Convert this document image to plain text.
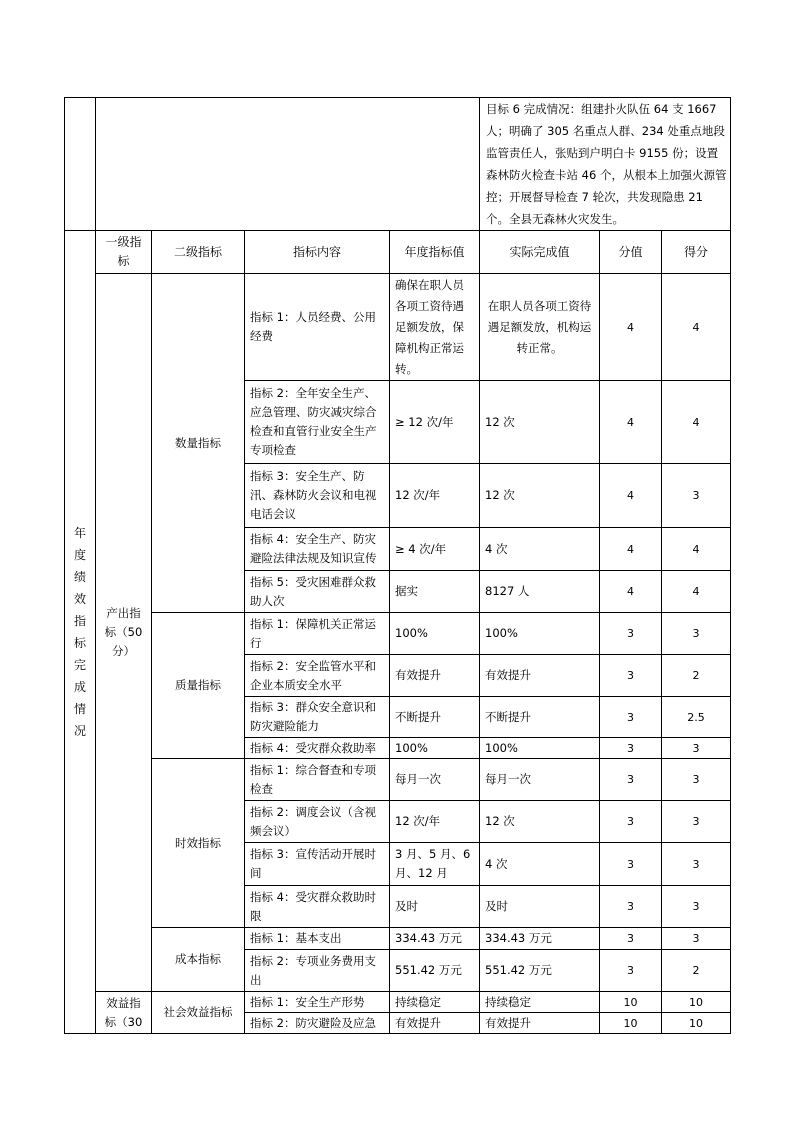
					目标 6 完成情况：组建扑火队伍 64 支 1667 人；明确了 305 名重点人群、234 处重点地段监管责任人，张贴到户明白卡 9155 份；设置森林防火检查卡站 46 个，从根本上加强火源管控；开展督导检查 7 轮次，共发现隐患 21 个。全县无森林火灾发生。		
年度绩效指标完成情况	一级指标	二级指标	指标内容	年度指标值	实际完成值	分值	得分
	产出指标（50分）	数量指标	指标 1：人员经费、公用经费	确保在职人员各项工资待遇足额发放，保障机构正常运转。	在职人员各项工资待遇足额发放，机构运转正常。	4	4
			指标 2：全年安全生产、应急管理、防灾减灾综合检查和直管行业安全生产专项检查	≥ 12 次/年	12 次	4	4
			指标 3：安全生产、防汛、森林防火会议和电视电话会议	12 次/年	12 次	4	3
			指标 4：安全生产、防灾避险法律法规及知识宣传	≥ 4 次/年	4 次	4	4
			指标 5：受灾困难群众救助人次	据实	8127 人	4	4
		质量指标	指标 1：保障机关正常运行	100%	100%	3	3
			指标 2：安全监管水平和企业本质安全水平	有效提升	有效提升	3	2
			指标 3：群众安全意识和防灾避险能力	不断提升	不断提升	3	2.5
			指标 4：受灾群众救助率	100%	100%	3	3
		时效指标	指标 1：综合督查和专项检查	每月一次	每月一次	3	3
			指标 2：调度会议（含视频会议）	12 次/年	12 次	3	3
			指标 3：宣传活动开展时间	3 月、5 月、6 月、12 月	4 次	3	3
			指标 4：受灾群众救助时限	及时	及时	3	3
		成本指标	指标 1：基本支出	334.43 万元	334.43 万元	3	3
			指标 2：专项业务费用支出	551.42 万元	551.42 万元	3	2
	效益指标（30	社会效益指标	指标 1：安全生产形势	持续稳定	持续稳定	10	10
			指标 2：防灾避险及应急	有效提升	有效提升	10	10
